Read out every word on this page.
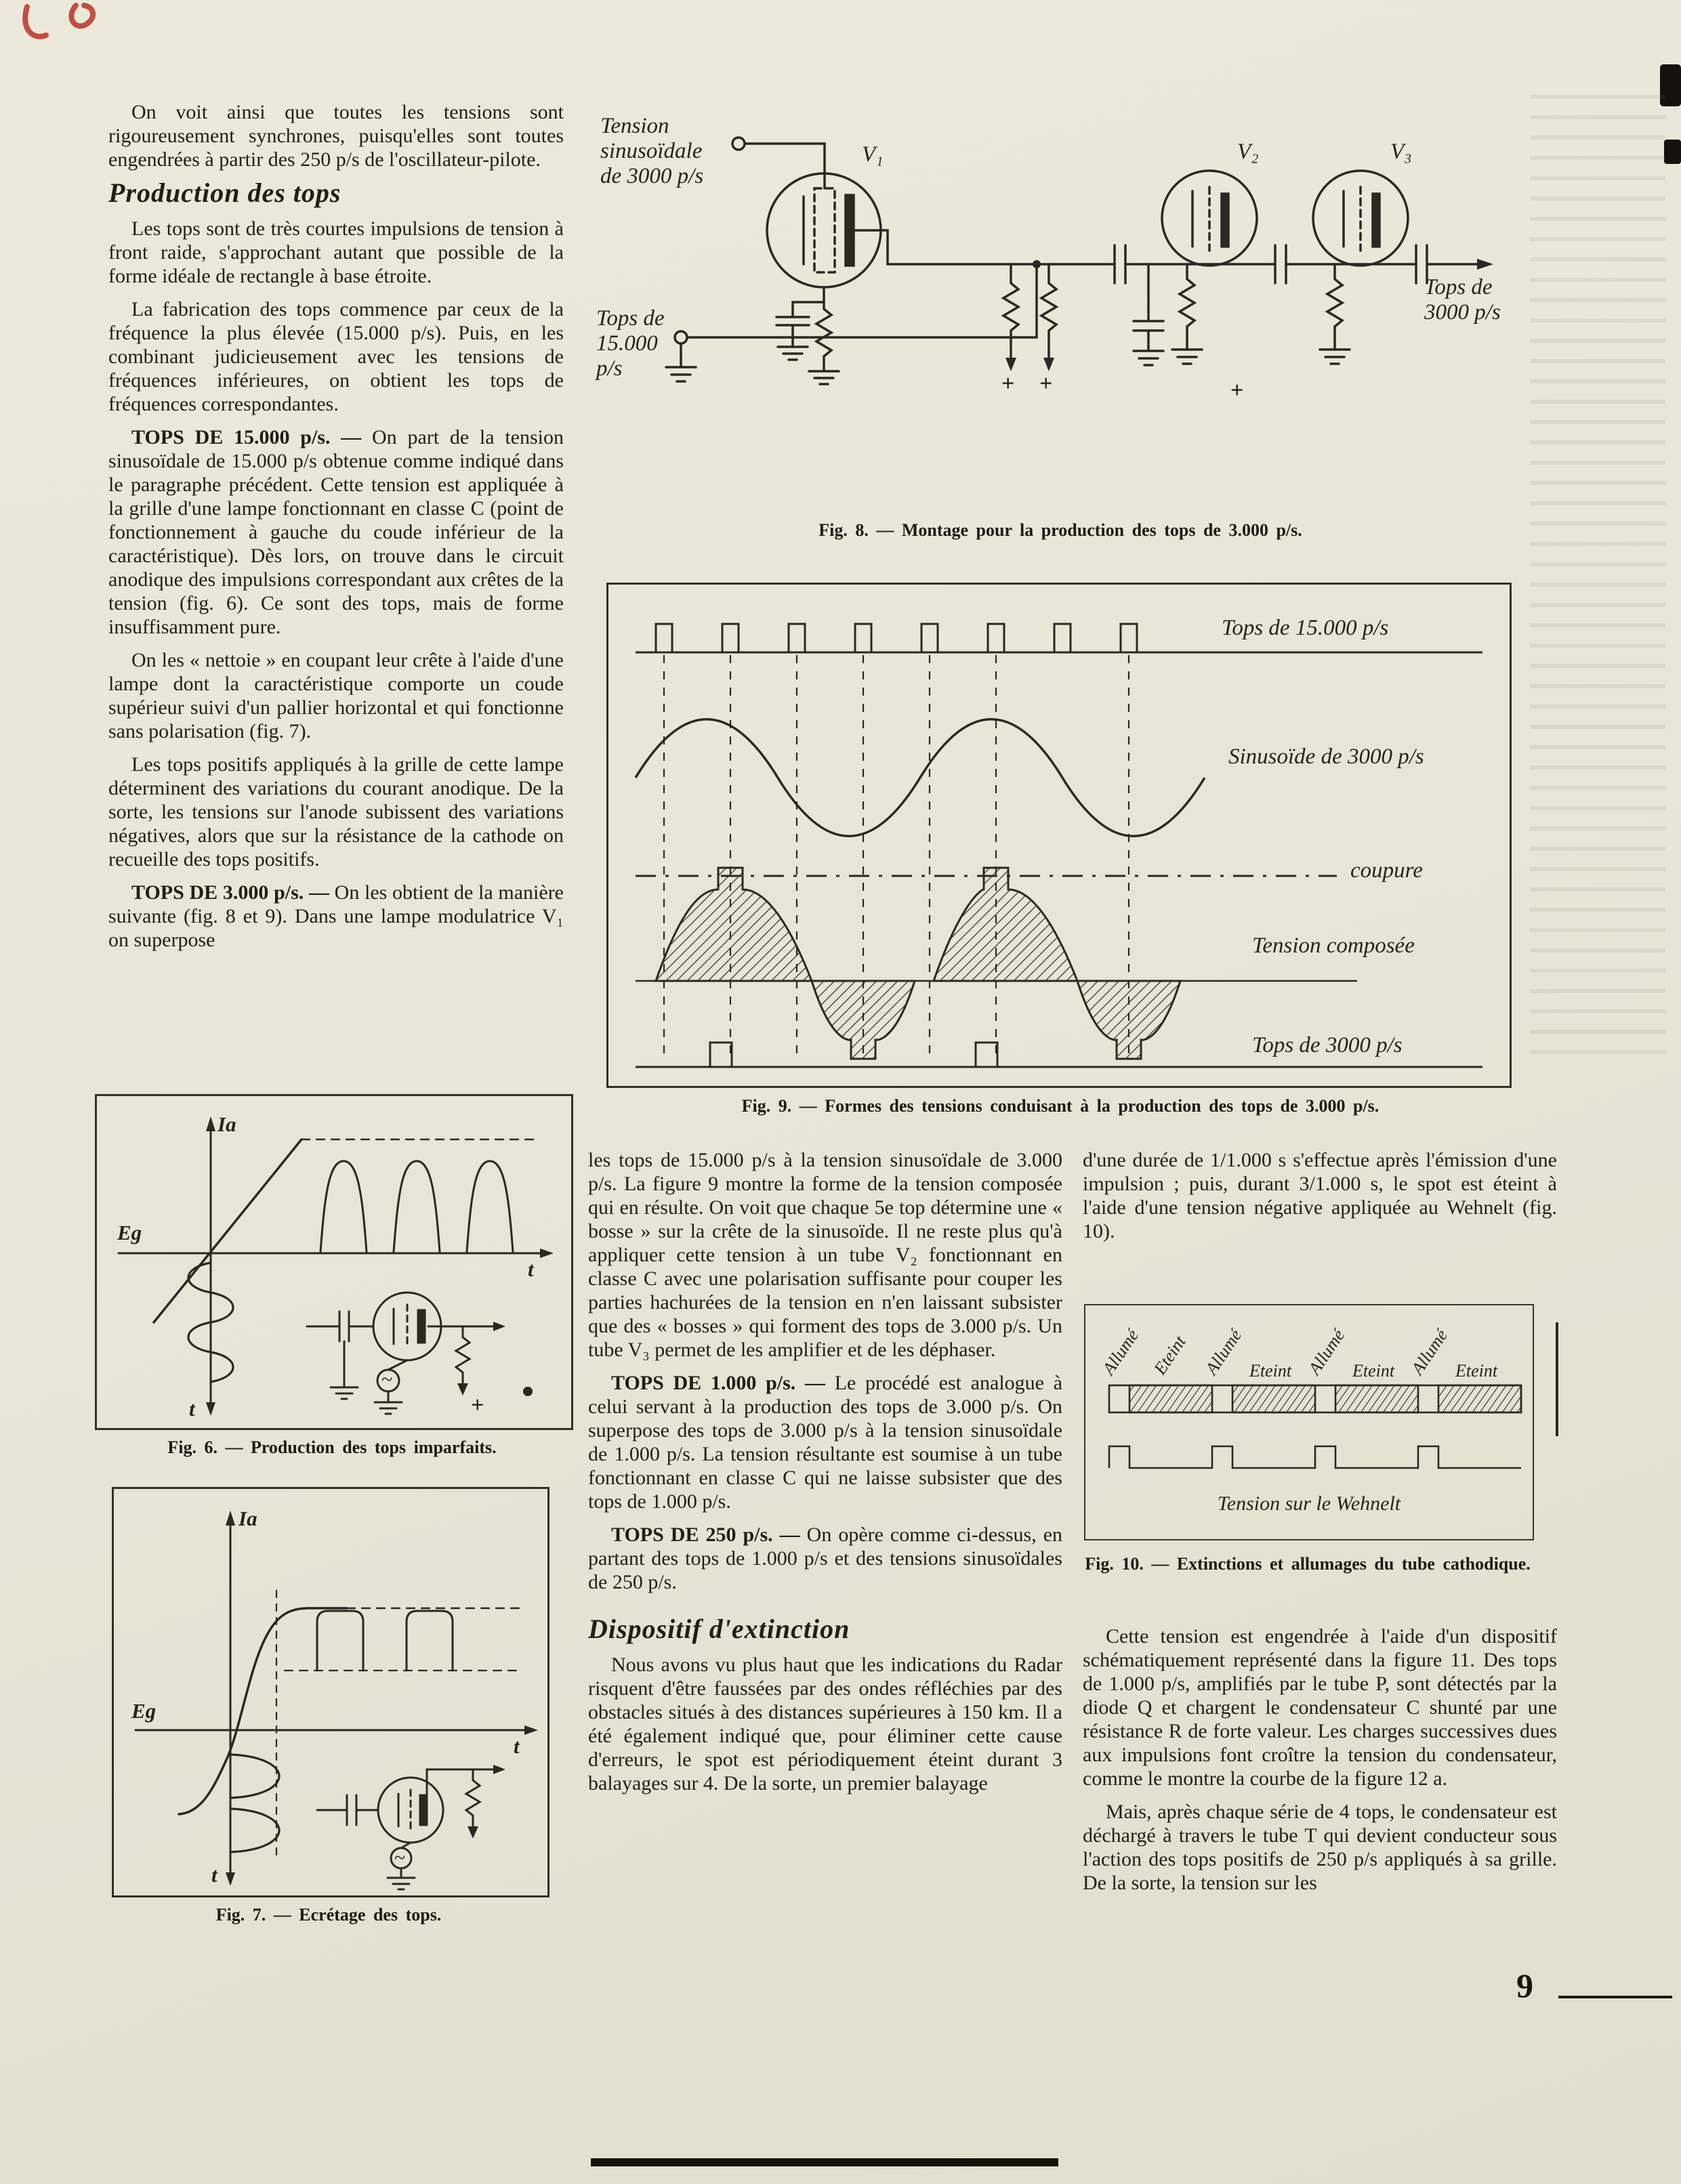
On voit ainsi que toutes les tensions sont rigoureusement synchrones, puisqu'elles sont toutes engendrées à partir des 250 p/s de l'oscillateur-pilote.

Production des tops

Les tops sont de très courtes impulsions de tension à front raide, s'approchant autant que possible de la forme idéale de rectangle à base étroite.

La fabrication des tops commence par ceux de la fréquence la plus élevée (15.000 p/s). Puis, en les combinant judicieusement avec les tensions de fréquences inférieures, on obtient les tops de fréquences correspondantes.

TOPS DE 15.000 p/s. — On part de la tension sinusoïdale de 15.000 p/s obtenue comme indiqué dans le paragraphe précédent. Cette tension est appliquée à la grille d'une lampe fonctionnant en classe C (point de fonctionnement à gauche du coude inférieur de la caractéristique). Dès lors, on trouve dans le circuit anodique des impulsions correspondant aux crêtes de la tension (fig. 6). Ce sont des tops, mais de forme insuffisamment pure.

On les « nettoie » en coupant leur crête à l'aide d'une lampe dont la caractéristique comporte un coude supérieur suivi d'un pallier horizontal et qui fonctionne sans polarisation (fig. 7).

Les tops positifs appliqués à la grille de cette lampe déterminent des variations du courant anodique. De la sorte, les tensions sur l'anode subissent des variations négatives, alors que sur la résistance de la cathode on recueille des tops positifs.

TOPS DE 3.000 p/s. — On les obtient de la manière suivante (fig. 8 et 9). Dans une lampe modulatrice V₁ on superpose

Tension
sinusoïdale
de 3000 p/s
V₁	V₂	V₃
Tops de
3000 p/s
Tops de
15.000 p/s
+ +	+
Fig. 8. — Montage pour la production des tops de 3.000 p/s.
Tops de 15.000 p/s
Sinusoïde de 3000 p/s
coupure
Tension composée
Tops de 3000 p/s
Fig. 9. — Formes des tensions conduisant à la production des tops de 3.000 p/s.
Ia
Eg
t
t	+
~
Fig. 6. — Production des tops imparfaits.
Ia
Eg
t
t
~
Fig. 7. — Ecrétage des tops.

les tops de 15.000 p/s à la tension sinusoïdale de 3.000 p/s. La figure 9 montre la forme de la tension composée qui en résulte. On voit que chaque 5e top détermine une « bosse » sur la crête de la sinusoïde. Il ne reste plus qu'à appliquer cette tension à un tube V₂ fonctionnant en classe C avec une polarisation suffisante pour couper les parties hachurées de la tension en n'en laissant subsister que des « bosses » qui forment des tops de 3.000 p/s. Un tube V₃ permet de les amplifier et de les déphaser.

TOPS DE 1.000 p/s. — Le procédé est analogue à celui servant à la production des tops de 3.000 p/s. On superpose des tops de 3.000 p/s à la tension sinusoïdale de 1.000 p/s. La tension résultante est soumise à un tube fonctionnant en classe C qui ne laisse subsister que des tops de 1.000 p/s.

TOPS DE 250 p/s. — On opère comme ci-dessus, en partant des tops de 1.000 p/s et des tensions sinusoïdales de 250 p/s.

Dispositif d'extinction

Nous avons vu plus haut que les indications du Radar risquent d'être faussées par des ondes réfléchies par des obstacles situés à des distances supérieures à 150 km. Il a été également indiqué que, pour éliminer cette cause d'erreurs, le spot est périodiquement éteint durant 3 balayages sur 4. De la sorte, un premier balayage

d'une durée de 1/1.000 s s'effectue après l'émission d'une impulsion ; puis, durant 3/1.000 s, le spot est éteint à l'aide d'une tension négative appliquée au Wehnelt (fig. 10).

Allumé Eteint Allumé Eteint Allumé Eteint Allumé Eteint
Tension sur le Wehnelt
Fig. 10. — Extinctions et allumages du tube cathodique.

Cette tension est engendrée à l'aide d'un dispositif schématiquement représenté dans la figure 11. Des tops de 1.000 p/s, amplifiés par le tube P, sont détectés par la diode Q et chargent le condensateur C shunté par une résistance R de forte valeur. Les charges successives dues aux impulsions font croître la tension du condensateur, comme le montre la courbe de la figure 12 a.

Mais, après chaque série de 4 tops, le condensateur est déchargé à travers le tube T qui devient conducteur sous l'action des tops positifs de 250 p/s appliqués à sa grille. De la sorte, la tension sur les

9
